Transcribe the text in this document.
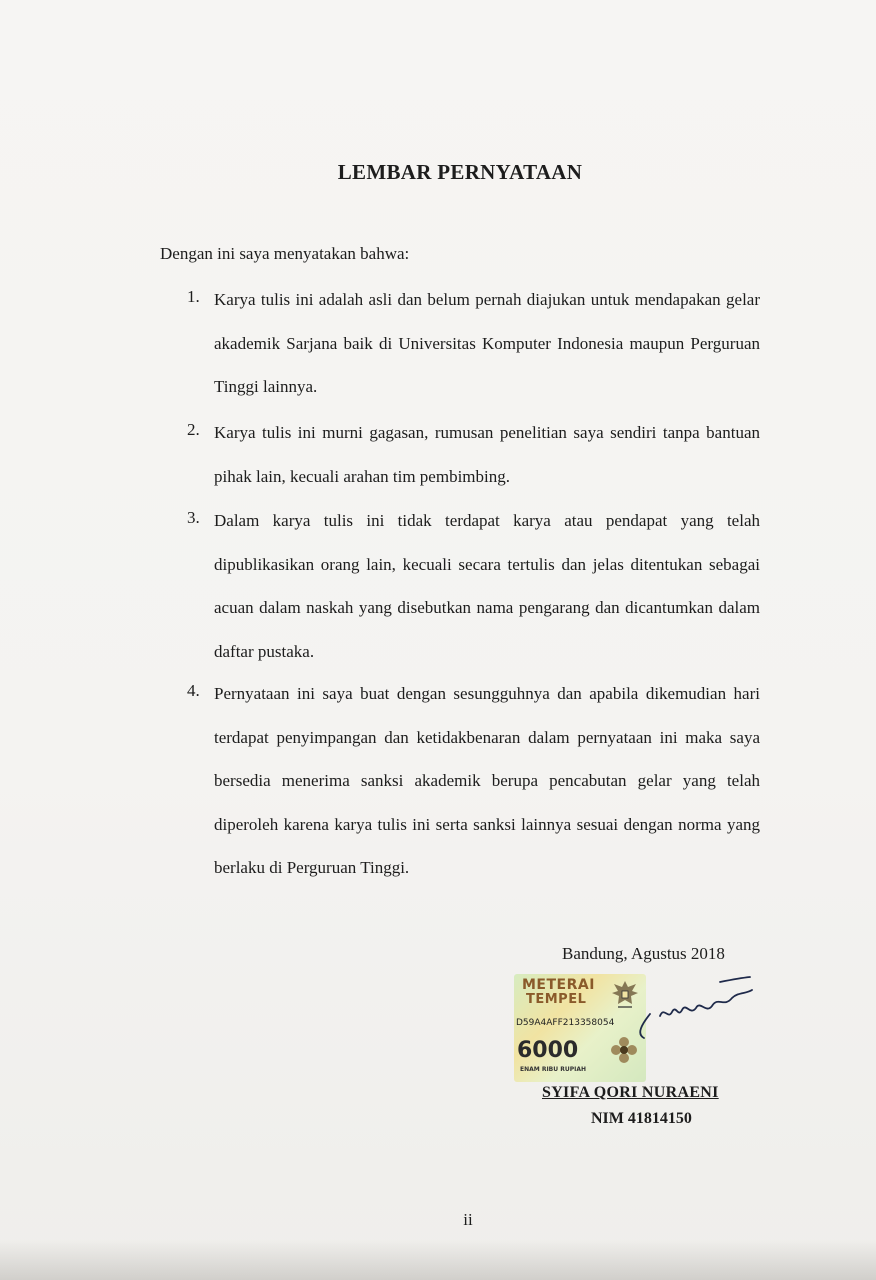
LEMBAR PERNYATAAN

Dengan ini saya menyatakan bahwa:

1. Karya tulis ini adalah asli dan belum pernah diajukan untuk mendapakan gelar akademik Sarjana baik di Universitas Komputer Indonesia maupun Perguruan Tinggi lainnya.
2. Karya tulis ini murni gagasan, rumusan penelitian saya sendiri tanpa bantuan pihak lain, kecuali arahan tim pembimbing.
3. Dalam karya tulis ini tidak terdapat karya atau pendapat yang telah dipublikasikan orang lain, kecuali secara tertulis dan jelas ditentukan sebagai acuan dalam naskah yang disebutkan nama pengarang dan dicantumkan dalam daftar pustaka.
4. Pernyataan ini saya buat dengan sesungguhnya dan apabila dikemudian hari terdapat penyimpangan dan ketidakbenaran dalam pernyataan ini maka saya bersedia menerima sanksi akademik berupa pencabutan gelar yang telah diperoleh karena karya tulis ini serta sanksi lainnya sesuai dengan norma yang berlaku di Perguruan Tinggi.
Bandung, Agustus 2018
METERAI
TEMPEL
D59A4AFF213358054
6000
ENAM RIBU RUPIAH
SYIFA QORI NURAENI
NIM 41814150
ii
